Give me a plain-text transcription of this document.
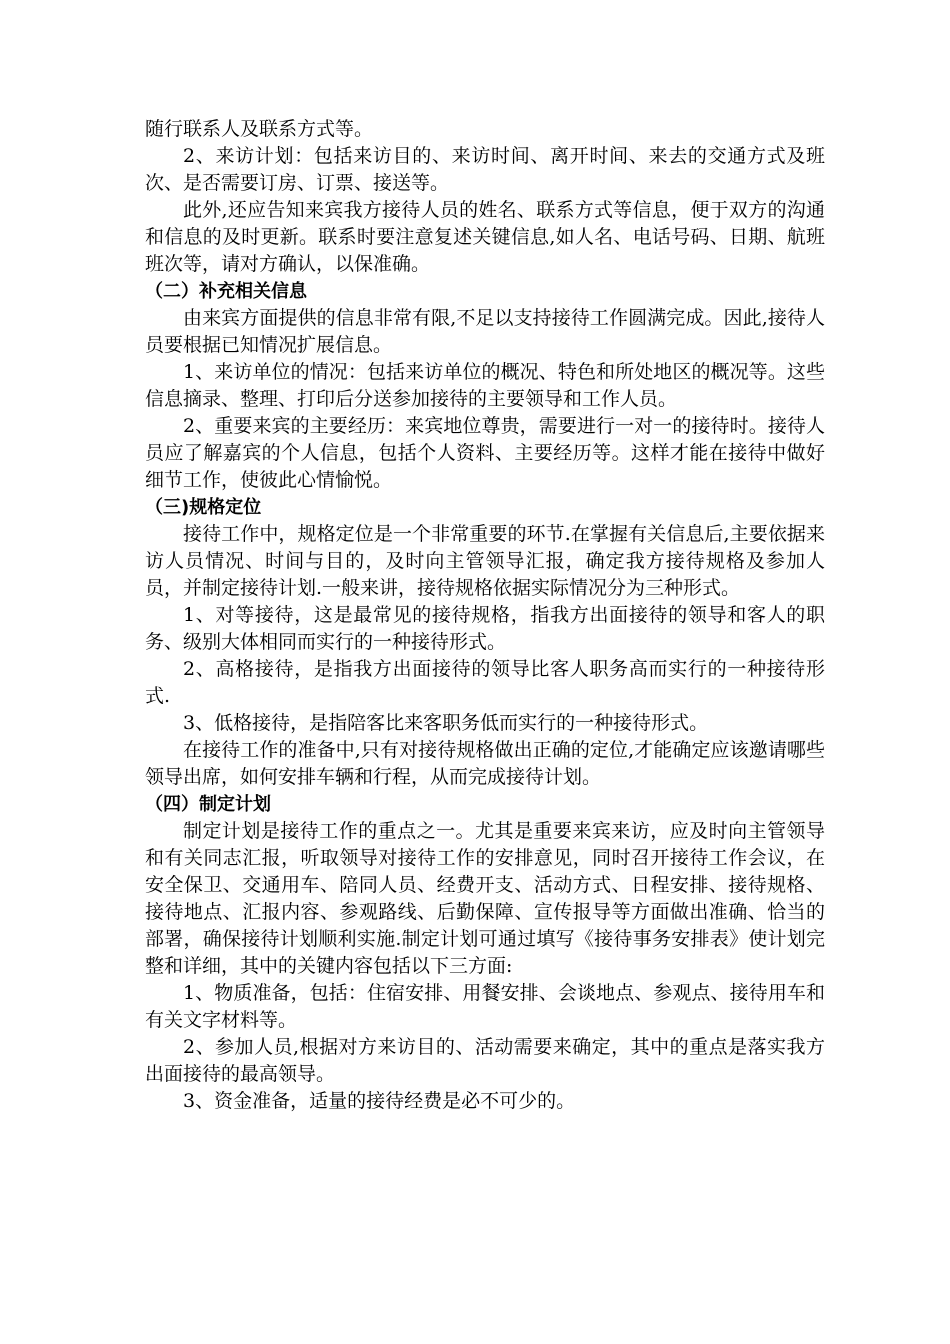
随行联系人及联系方式等。

2、来访计划：包括来访目的、来访时间、离开时间、来去的交通方式及班次、是否需要订房、订票、接送等。

此外,还应告知来宾我方接待人员的姓名、联系方式等信息，便于双方的沟通和信息的及时更新。联系时要注意复述关键信息,如人名、电话号码、日期、航班班次等，请对方确认，以保准确。

（二）补充相关信息

由来宾方面提供的信息非常有限,不足以支持接待工作圆满完成。因此,接待人员要根据已知情况扩展信息。

1、来访单位的情况：包括来访单位的概况、特色和所处地区的概况等。这些信息摘录、整理、打印后分送参加接待的主要领导和工作人员。

2、重要来宾的主要经历：来宾地位尊贵，需要进行一对一的接待时。接待人员应了解嘉宾的个人信息，包括个人资料、主要经历等。这样才能在接待中做好细节工作，使彼此心情愉悦。

（三)规格定位

接待工作中，规格定位是一个非常重要的环节.在掌握有关信息后,主要依据来访人员情况、时间与目的，及时向主管领导汇报，确定我方接待规格及参加人员，并制定接待计划.一般来讲，接待规格依据实际情况分为三种形式。

1、对等接待，这是最常见的接待规格，指我方出面接待的领导和客人的职务、级别大体相同而实行的一种接待形式。

2、高格接待，是指我方出面接待的领导比客人职务高而实行的一种接待形式.

3、低格接待，是指陪客比来客职务低而实行的一种接待形式。

在接待工作的准备中,只有对接待规格做出正确的定位,才能确定应该邀请哪些领导出席，如何安排车辆和行程，从而完成接待计划。

（四）制定计划

制定计划是接待工作的重点之一。尤其是重要来宾来访，应及时向主管领导和有关同志汇报，听取领导对接待工作的安排意见，同时召开接待工作会议，在安全保卫、交通用车、陪同人员、经费开支、活动方式、日程安排、接待规格、接待地点、汇报内容、参观路线、后勤保障、宣传报导等方面做出准确、恰当的部署，确保接待计划顺利实施.制定计划可通过填写《接待事务安排表》使计划完整和详细，其中的关键内容包括以下三方面:

1、物质准备，包括：住宿安排、用餐安排、会谈地点、参观点、接待用车和有关文字材料等。

2、参加人员,根据对方来访目的、活动需要来确定，其中的重点是落实我方出面接待的最高领导。

3、资金准备，适量的接待经费是必不可少的。
